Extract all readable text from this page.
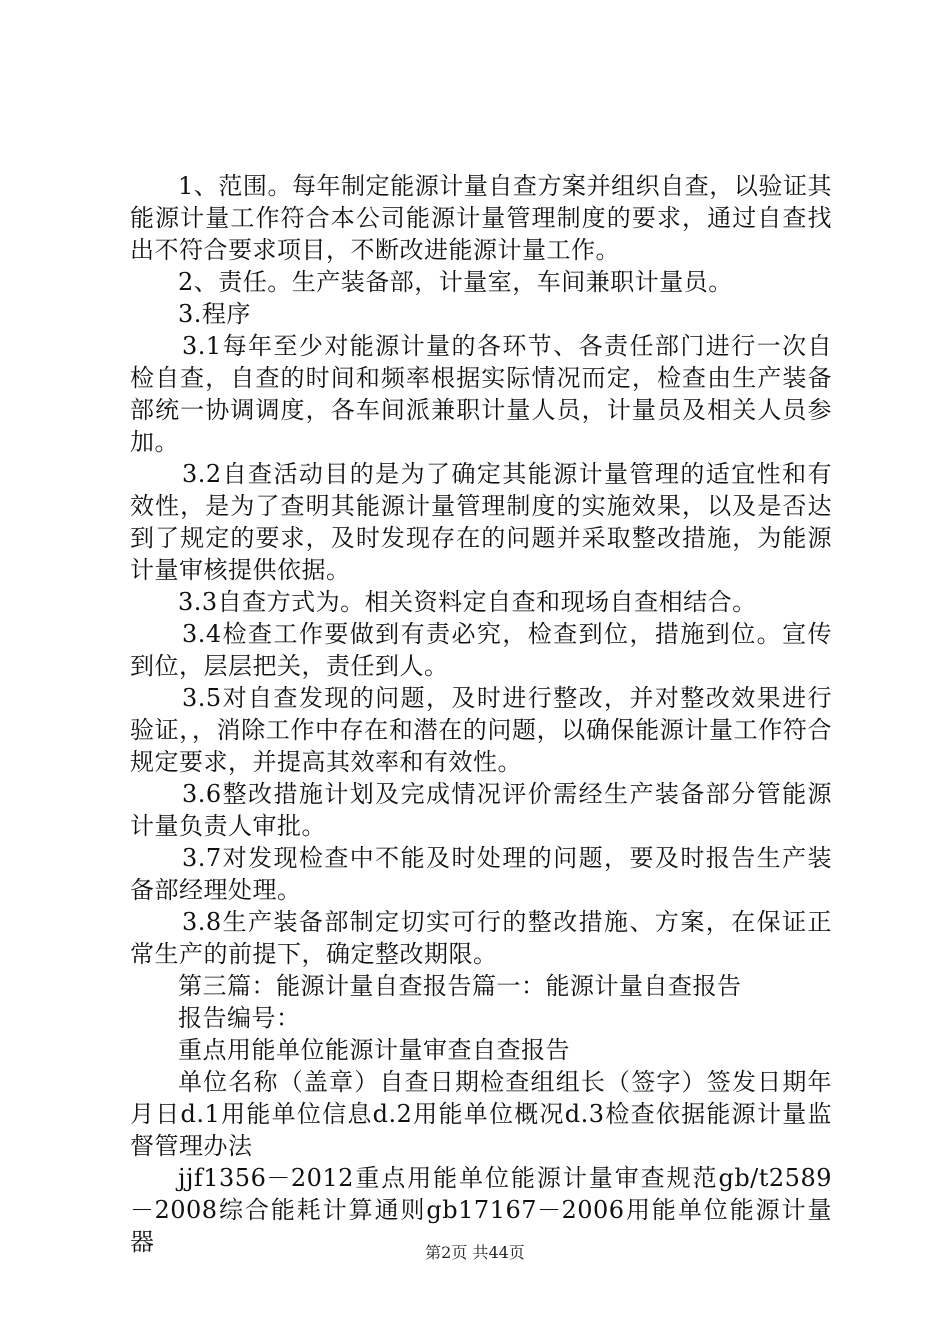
1、范围。每年制定能源计量自查方案并组织自查，以验证其能源计量工作符合本公司能源计量管理制度的要求，通过自查找出不符合要求项目，不断改进能源计量工作。

2、责任。生产装备部，计量室，车间兼职计量员。

3.程序

3.1每年至少对能源计量的各环节、各责任部门进行一次自检自查，自查的时间和频率根据实际情况而定，检查由生产装备部统一协调调度，各车间派兼职计量人员，计量员及相关人员参加。

3.2自查活动目的是为了确定其能源计量管理的适宜性和有效性，是为了查明其能源计量管理制度的实施效果，以及是否达到了规定的要求，及时发现存在的问题并采取整改措施，为能源计量审核提供依据。

3.3自查方式为。相关资料定自查和现场自查相结合。

3.4检查工作要做到有责必究，检查到位，措施到位。宣传到位，层层把关，责任到人。

3.5对自查发现的问题，及时进行整改，并对整改效果进行验证，，消除工作中存在和潜在的问题，以确保能源计量工作符合规定要求，并提高其效率和有效性。

3.6整改措施计划及完成情况评价需经生产装备部分管能源计量负责人审批。

3.7对发现检查中不能及时处理的问题，要及时报告生产装备部经理处理。

3.8生产装备部制定切实可行的整改措施、方案，在保证正常生产的前提下，确定整改期限。

第三篇：能源计量自查报告篇一：能源计量自查报告

报告编号：

重点用能单位能源计量审查自查报告

单位名称（盖章）自查日期检查组组长（签字）签发日期年月日d.1用能单位信息d.2用能单位概况d.3检查依据能源计量监督管理办法

jjf1356－2012重点用能单位能源计量审查规范gb/t2589－2008综合能耗计算通则gb17167－2006用能单位能源计量器	第2页 共44页
